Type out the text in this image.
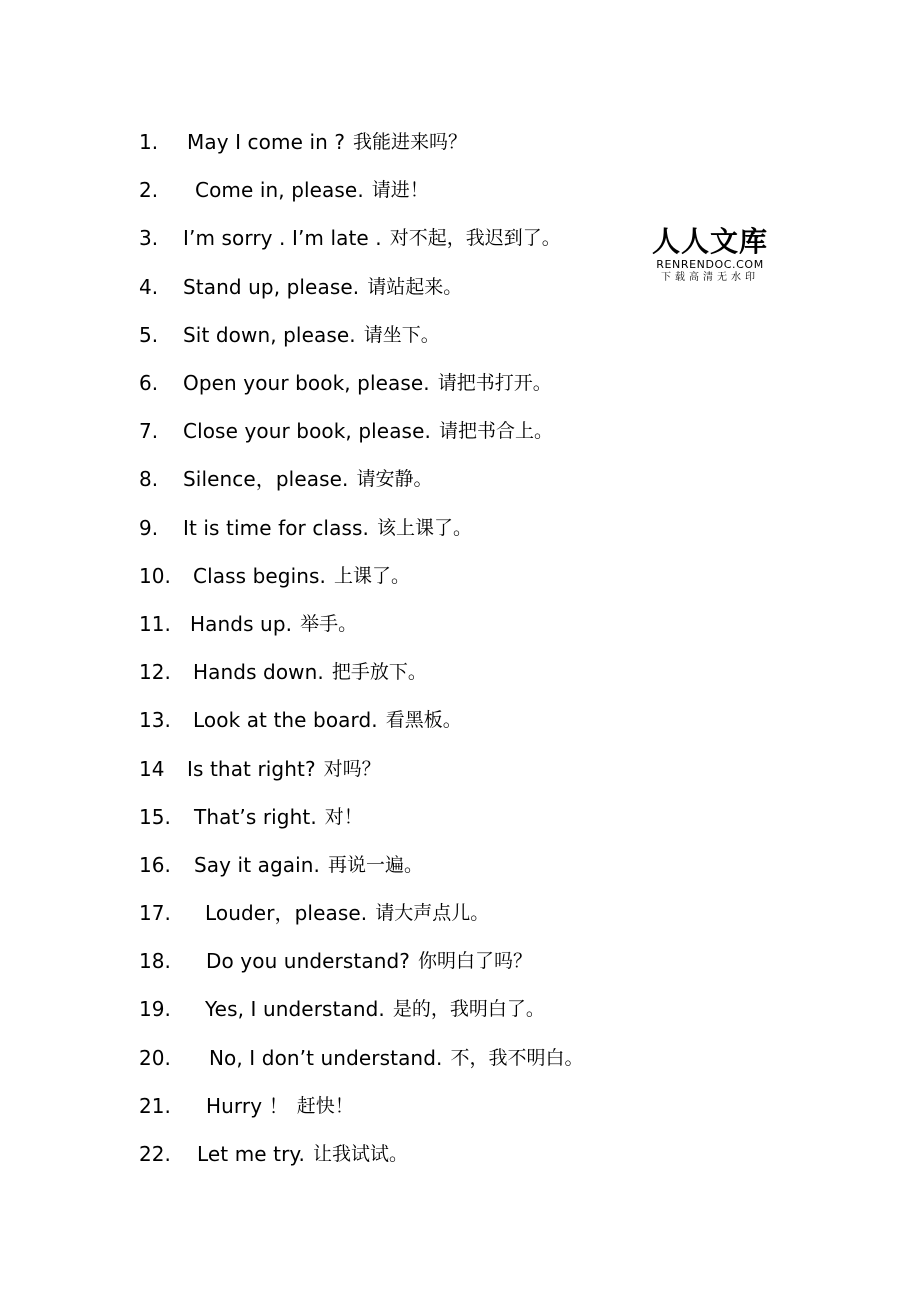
1.	May I come in ? 我能进来吗？
2.	Come in, please. 请进！
3.	I’m sorry . I’m late . 对不起，我迟到了。
4.	Stand up, please. 请站起来。
5.	Sit down, please. 请坐下。
6.	Open your book, please. 请把书打开。
7.	Close your book, please. 请把书合上。
8.	Silence，please. 请安静。
9.	It is time for class. 该上课了。
10.	Class begins. 上课了。
11. Hands up. 举手。
12.	Hands down. 把手放下。
13.	Look at the board. 看黑板。
14	Is that right? 对吗？
15.	That’s right. 对！
16.	Say it again. 再说一遍。
17.	Louder，please. 请大声点儿。
18.	Do you understand? 你明白了吗？
19.	Yes, I understand. 是的，我明白了。
20.	No, I don’t understand. 不，我不明白。
21.	Hurry ！ 赶快！
22.	Let me try. 让我试试。
人人文库
RENRENDOC.COM
下载高清无水印
